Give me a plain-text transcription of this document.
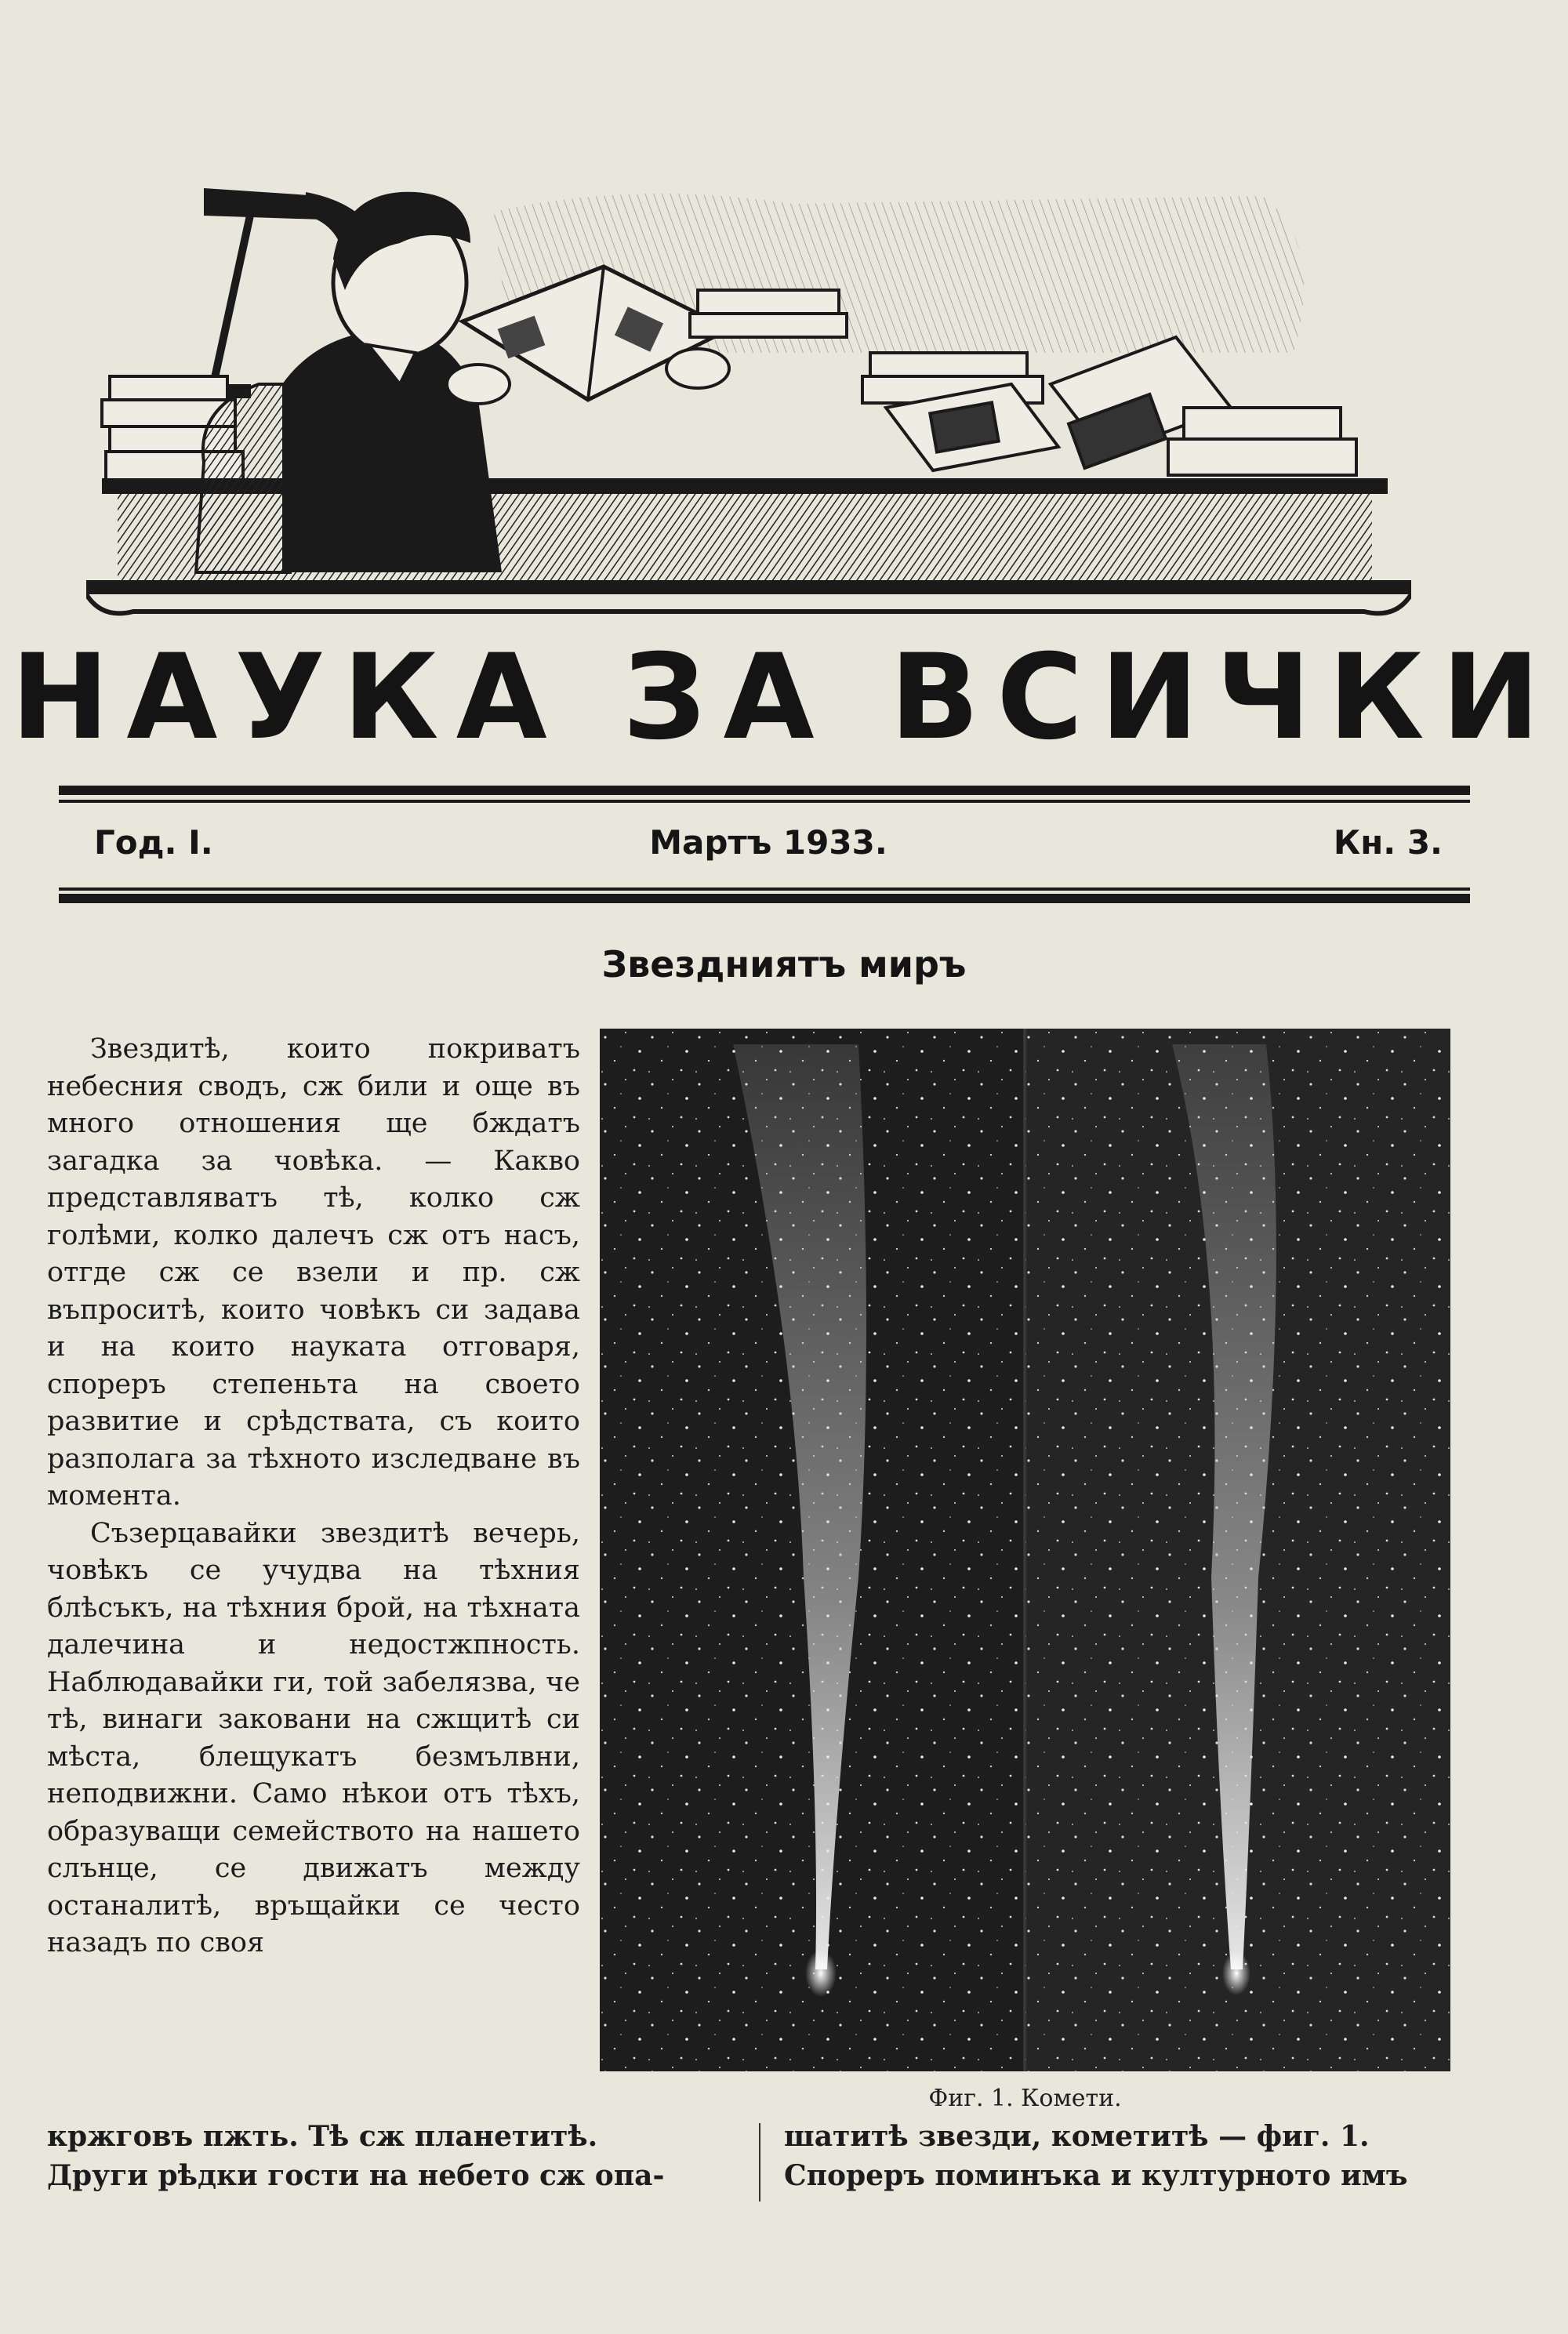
НАУКА ЗА ВСИЧКИ
Год. I.	Мартъ 1933.	Кн. 3.
Звездниятъ миръ

Звездитѣ, които покриватъ небесния сводъ, сж били и още въ много отношения ще бждатъ загадка за човѣка. — Какво представляватъ тѣ, колко сж голѣми, колко далечъ сж отъ насъ, отгде сж се взели и пр. сж въпроситѣ, които човѣкъ си задава и на които науката отговаря, спореръ степеньта на своето развитие и срѣдствата, съ които разполага за тѣхното изследване въ момента.

Съзерцавайки звездитѣ вечерь, човѣкъ се учудва на тѣхния блѣсъкъ, на тѣхния брой, на тѣхната далечина и недостжпность. Наблюдавайки ги, той забелязва, че тѣ, винаги заковани на сжщитѣ си мѣста, блещукатъ безмълвни, неподвижни. Само нѣкои отъ тѣхъ, образуващи семейството на нашето слънце, се движатъ между останалитѣ, връщайки се често назадъ по своя

Фиг. 1. Комети.
кржговъ пжть. Тѣ сж планетитѣ.
Други рѣдки гости на небето сж опа-
шатитѣ звезди, кометитѣ — фиг. 1.
Спореръ поминъка и културното имъ
